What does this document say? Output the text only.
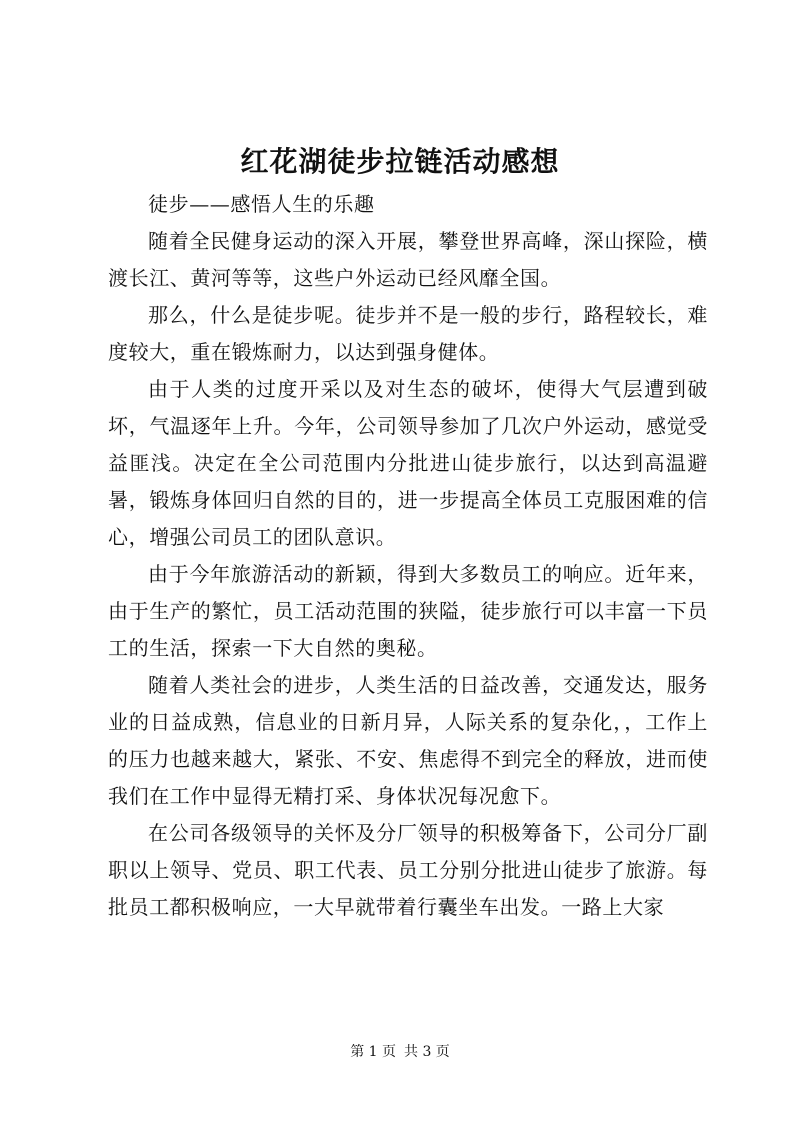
红花湖徒步拉链活动感想

徒步——感悟人生的乐趣

随着全民健身运动的深入开展，攀登世界高峰，深山探险，横渡长江、黄河等等，这些户外运动已经风靡全国。

那么，什么是徒步呢。徒步并不是一般的步行，路程较长，难度较大，重在锻炼耐力，以达到强身健体。

由于人类的过度开采以及对生态的破坏，使得大气层遭到破坏，气温逐年上升。今年，公司领导参加了几次户外运动，感觉受益匪浅。决定在全公司范围内分批进山徒步旅行，以达到高温避暑，锻炼身体回归自然的目的，进一步提高全体员工克服困难的信心，增强公司员工的团队意识。

由于今年旅游活动的新颖，得到大多数员工的响应。近年来，由于生产的繁忙，员工活动范围的狭隘，徒步旅行可以丰富一下员工的生活，探索一下大自然的奥秘。

随着人类社会的进步，人类生活的日益改善，交通发达，服务业的日益成熟，信息业的日新月异，人际关系的复杂化，，工作上的压力也越来越大，紧张、不安、焦虑得不到完全的释放，进而使我们在工作中显得无精打采、身体状况每况愈下。

在公司各级领导的关怀及分厂领导的积极筹备下，公司分厂副职以上领导、党员、职工代表、员工分别分批进山徒步了旅游。每批员工都积极响应，一大早就带着行囊坐车出发。一路上大家

第 1 页 共 3 页
